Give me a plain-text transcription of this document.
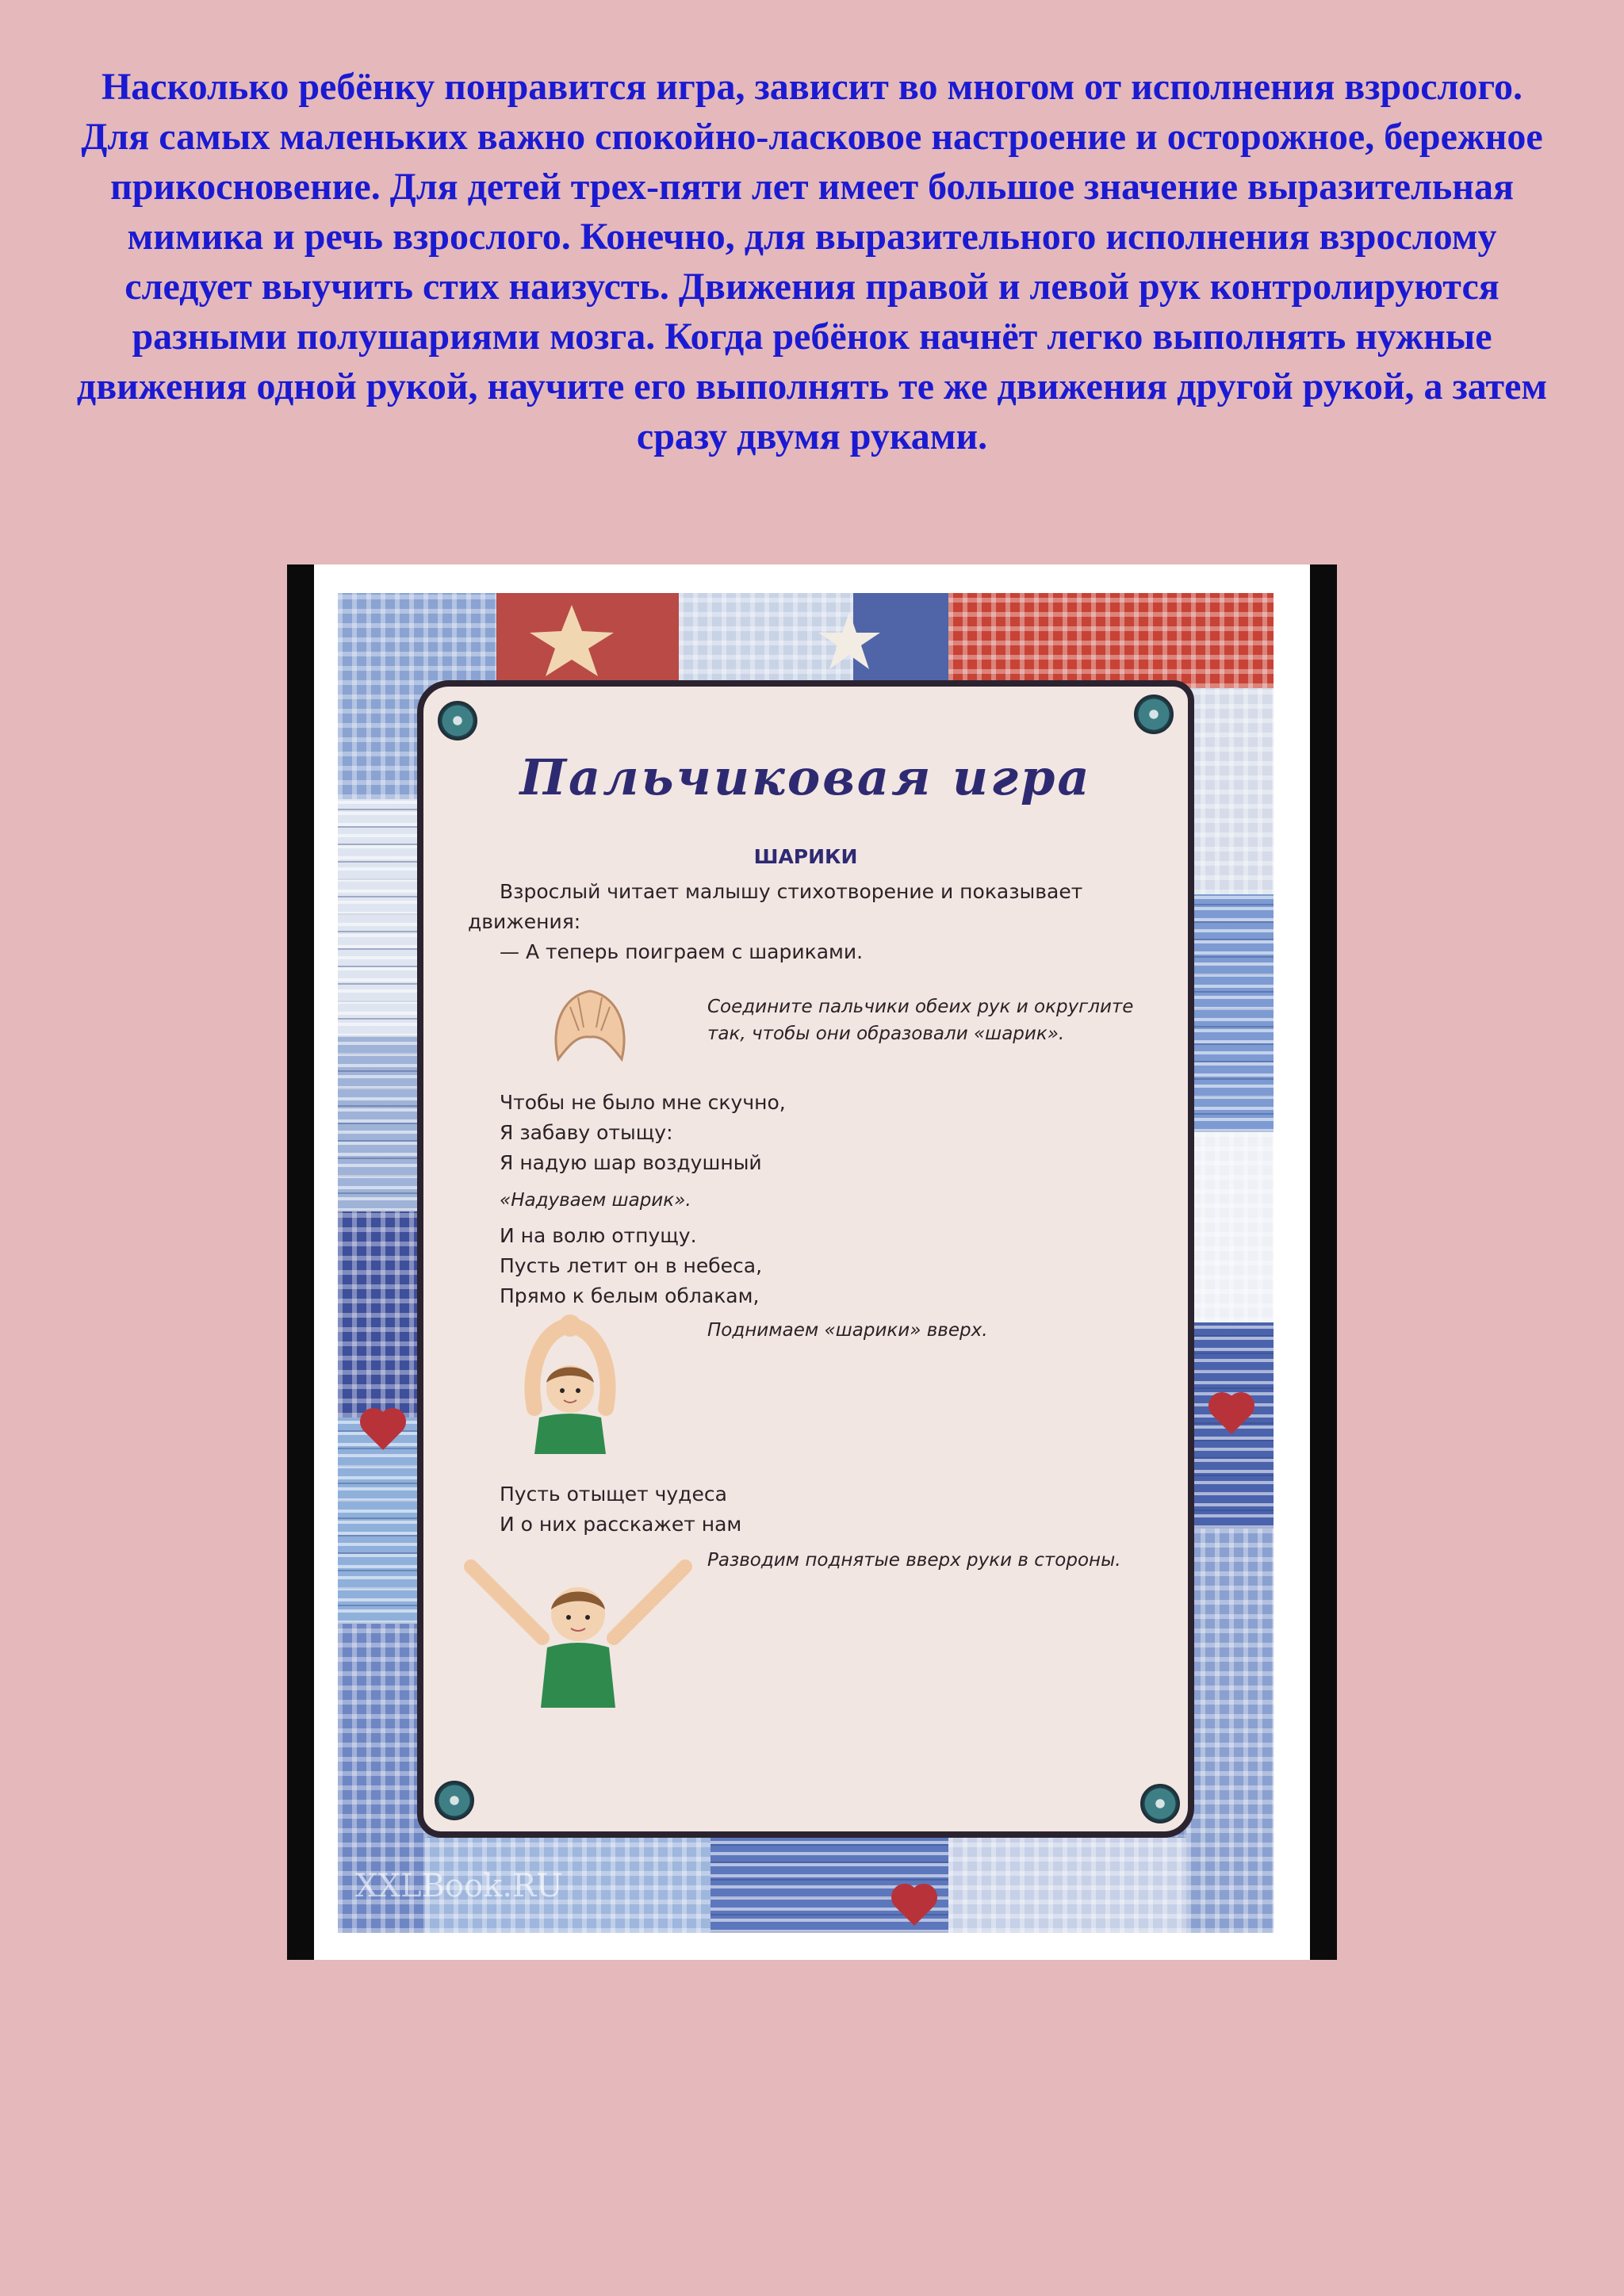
Насколько ребёнку понравится игра, зависит во многом от исполнения взрослого. Для самых маленьких важно спокойно-ласковое настроение и осторожное, бережное прикосновение. Для детей трех-пяти лет имеет большое значение выразительная мимика и речь взрослого. Конечно, для выразительного исполнения взрослому следует выучить стих наизусть. Движения правой и левой рук контролируются разными полушариями мозга. Когда ребёнок начнёт легко выполнять нужные движения одной рукой, научите его выполнять те же движения другой рукой, а затем сразу двумя руками.

XXLBook.RU
Пальчиковая игра
ШАРИКИ

Взрослый читает малышу стихотворение и показывает

движения:

— А теперь поиграем с шариками.

Соедините пальчики обеих рук и округлите

так, чтобы они образовали «шарик».

Чтобы не было мне скучно,

Я забаву отыщу:

Я надую шар воздушный

«Надуваем шарик».

И на волю отпущу.

Пусть летит он в небеса,

Прямо к белым облакам,

Поднимаем «шарики» вверх.

Пусть отыщет чудеса

И о них расскажет нам

Разводим поднятые вверх руки в стороны.
